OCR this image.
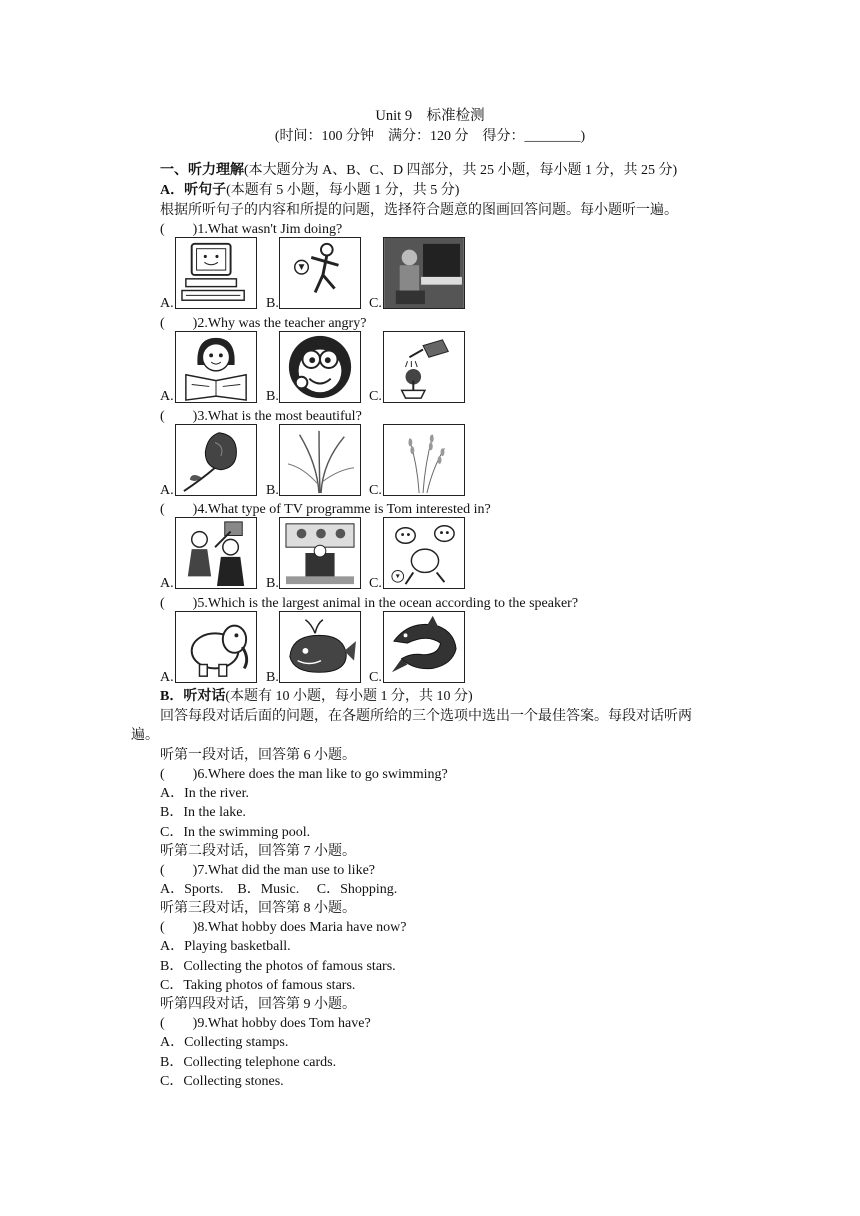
Unit 9　标准检测
(时间：100 分钟　满分：120 分　得分：________)
一、听力理解(本大题分为 A、B、C、D 四部分，共 25 小题，每小题 1 分，共 25 分)
A．听句子(本题有 5 小题，每小题 1 分，共 5 分)
根据所听句子的内容和所提的问题，选择符合题意的图画回答问题。每小题听一遍。
(　　)1.What wasn't Jim doing?
A.	B.	C.
(　　)2.Why was the teacher angry?
A.	B.	C.
(　　)3.What is the most beautiful?
A.	B.	C.
(　　)4.What type of TV programme is Tom interested in?
A.	B.	C.
(　　)5.Which is the largest animal in the ocean according to the speaker?
A.	B.	C.
B．听对话(本题有 10 小题，每小题 1 分，共 10 分)
回答每段对话后面的问题，在各题所给的三个选项中选出一个最佳答案。每段对话听两
遍。
听第一段对话，回答第 6 小题。
(　　)6.Where does the man like to go swimming?
A．In the river.
B．In the lake.
C．In the swimming pool.
听第二段对话，回答第 7 小题。
(　　)7.What did the man use to like?
A．Sports.　B．Music.　 C．Shopping.
听第三段对话，回答第 8 小题。
(　　)8.What hobby does Maria have now?
A．Playing basketball.
B．Collecting the photos of famous stars.
C．Taking photos of famous stars.
听第四段对话，回答第 9 小题。
(　　)9.What hobby does Tom have?
A．Collecting stamps.
B．Collecting telephone cards.
C．Collecting stones.
